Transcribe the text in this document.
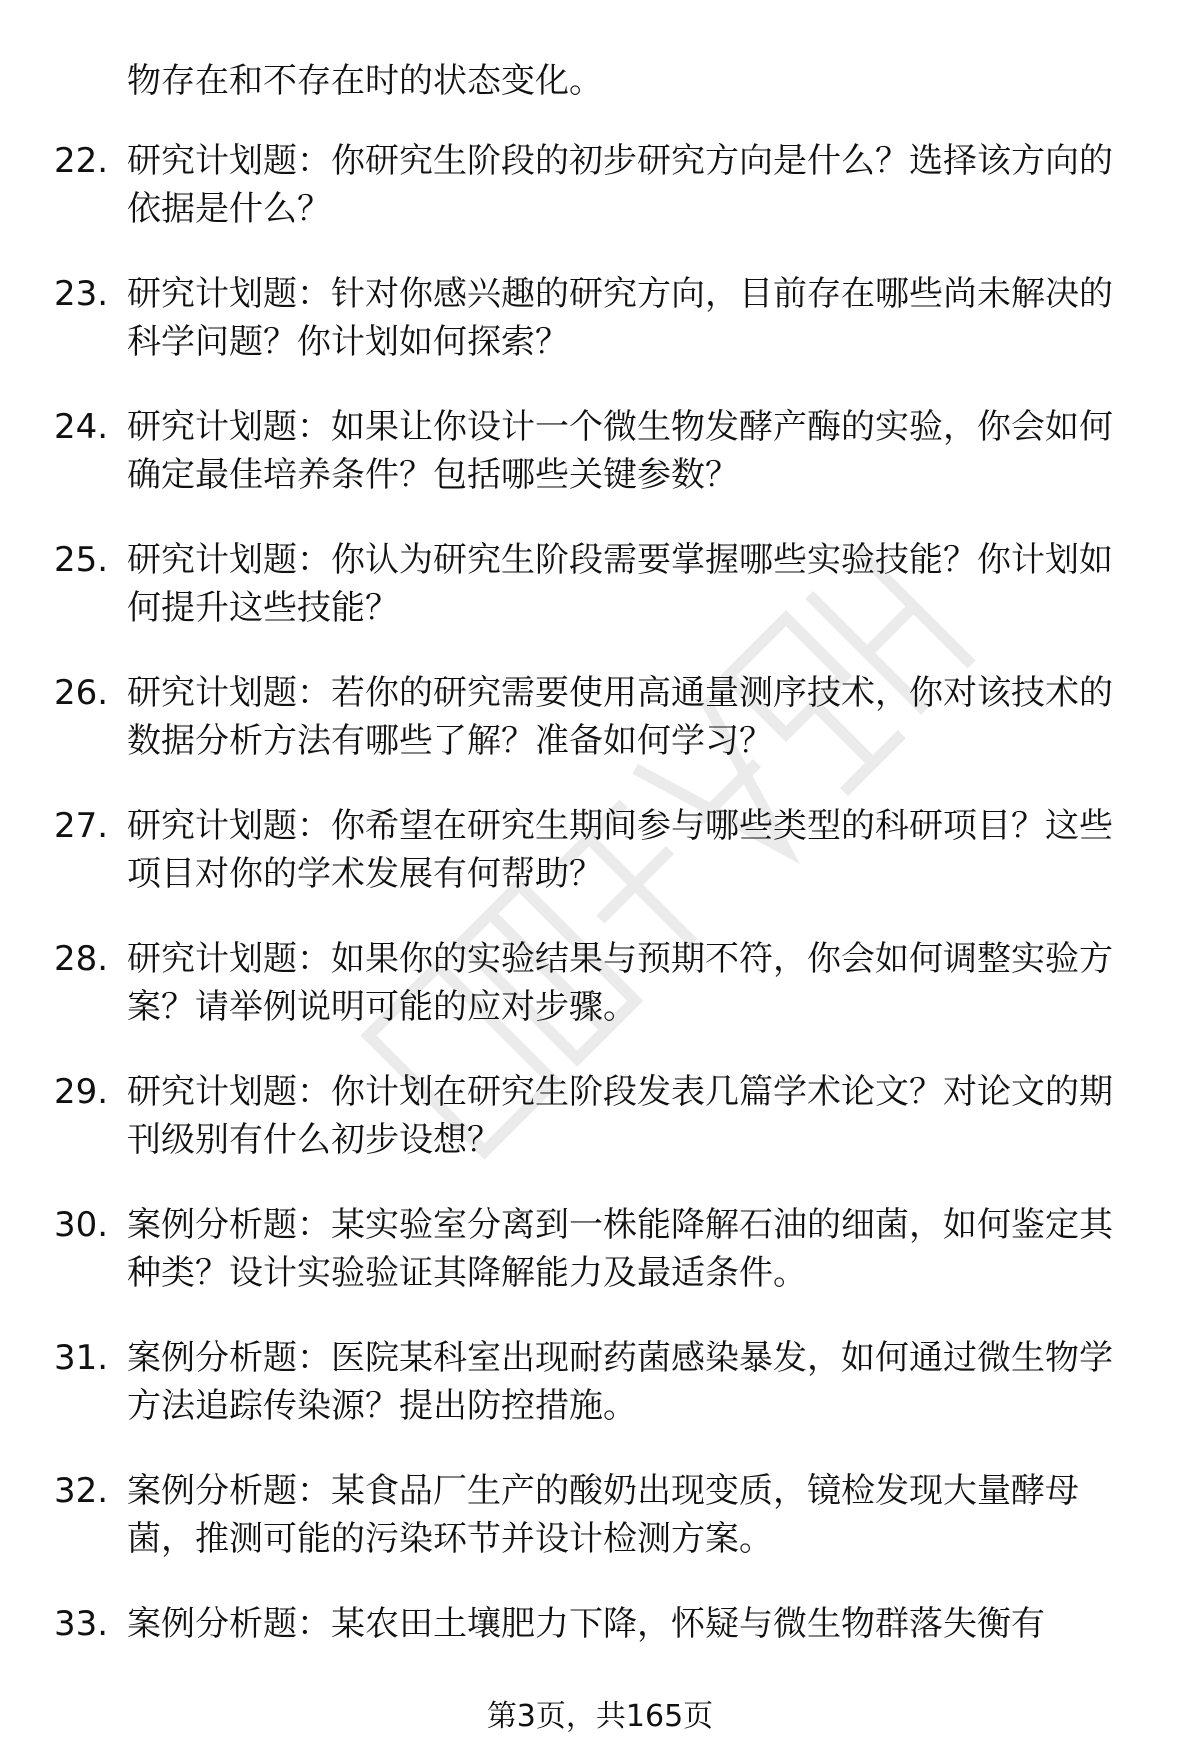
物存在和不存在时的状态变化。
22. 研究计划题：你研究生阶段的初步研究方向是什么？选择该方向的依据是什么？
23. 研究计划题：针对你感兴趣的研究方向，目前存在哪些尚未解决的科学问题？你计划如何探索？
24. 研究计划题：如果让你设计一个微生物发酵产酶的实验，你会如何确定最佳培养条件？包括哪些关键参数？
25. 研究计划题：你认为研究生阶段需要掌握哪些实验技能？你计划如何提升这些技能？
26. 研究计划题：若你的研究需要使用高通量测序技术，你对该技术的数据分析方法有哪些了解？准备如何学习？
27. 研究计划题：你希望在研究生期间参与哪些类型的科研项目？这些项目对你的学术发展有何帮助？
28. 研究计划题：如果你的实验结果与预期不符，你会如何调整实验方案？请举例说明可能的应对步骤。
29. 研究计划题：你计划在研究生阶段发表几篇学术论文？对论文的期刊级别有什么初步设想？
30. 案例分析题：某实验室分离到一株能降解石油的细菌，如何鉴定其种类？设计实验验证其降解能力及最适条件。
31. 案例分析题：医院某科室出现耐药菌感染暴发，如何通过微生物学方法追踪传染源？提出防控措施。
32. 案例分析题：某食品厂生产的酸奶出现变质，镜检发现大量酵母菌，推测可能的污染环节并设计检测方案。
33. 案例分析题：某农田土壤肥力下降，怀疑与微生物群落失衡有
第3页，共165页
